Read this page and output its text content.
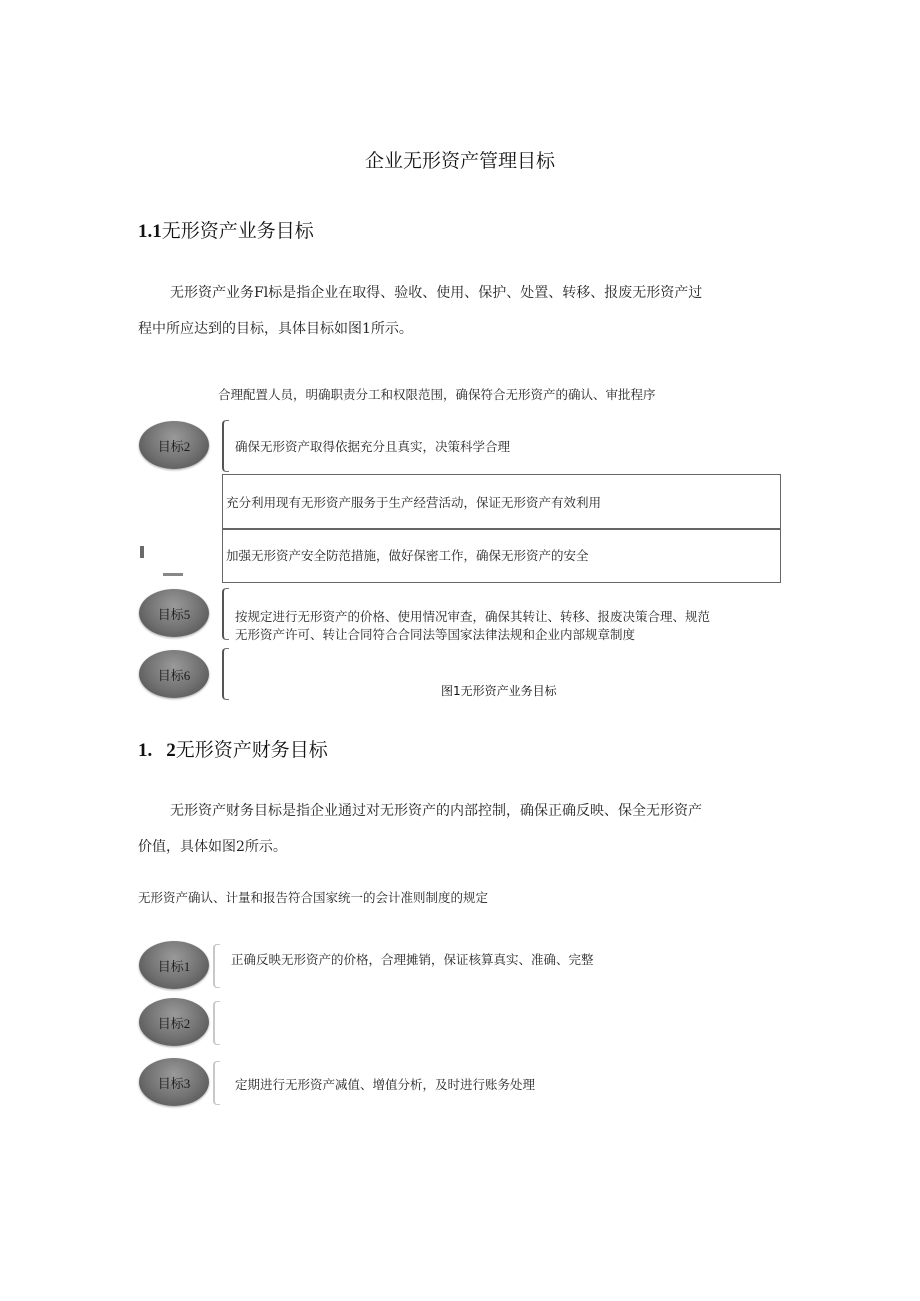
企业无形资产管理目标
1.1无形资产业务目标
无形资产业务Fl标是指企业在取得、验收、使用、保护、处置、转移、报废无形资产过
程中所应达到的目标，具体目标如图1所示。
合理配置人员，明确职责分工和权限范围，确保符合无形资产的确认、审批程序
目标2	确保无形资产取得依据充分且真实，决策科学合理
充分利用现有无形资产服务于生产经营活动，保证无形资产有效利用
加强无形资产安全防范措施，做好保密工作，确保无形资产的安全
目标5	按规定进行无形资产的价格、使用情况审查，确保其转让、转移、报废决策合理、规范
无形资产许可、转让合同符合合同法等国家法律法规和企业内部规章制度
目标6
图1无形资产业务目标
1. 2无形资产财务目标
无形资产财务目标是指企业通过对无形资产的内部控制，确保正确反映、保全无形资产
价值，具体如图2所示。
无形资产确认、计量和报告符合国家统一的会计准则制度的规定
目标1	正确反映无形资产的价格，合理摊销，保证核算真实、准确、完整
目标2
目标3	定期进行无形资产减值、增值分析，及时进行账务处理
